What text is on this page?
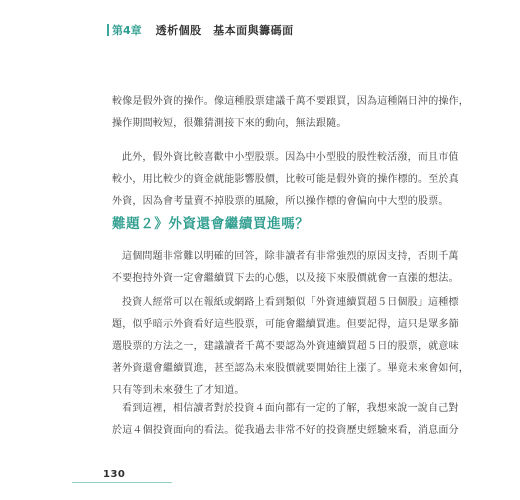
第4章 透析個股　基本面與籌碼面

較像是假外資的操作。像這種股票建議千萬不要跟買，因為這種隔日沖的操作，
操作期間較短，很難猜測接下來的動向，無法跟隨。

此外，假外資比較喜歡中小型股票。因為中小型股的股性較活潑，而且市值
較小，用比較少的資金就能影響股價，比較可能是假外資的操作標的。至於真
外資，因為會考量賣不掉股票的風險，所以操作標的會偏向中大型的股票。

難題２》外資還會繼續買進嗎？

這個問題非常難以明確的回答，除非讀者有非常強烈的原因支持，否則千萬
不要抱持外資一定會繼續買下去的心態，以及接下來股價就會一直漲的想法。

投資人經常可以在報紙或網路上看到類似「外資連續買超５日個股」這種標
題，似乎暗示外資看好這些股票，可能會繼續買進。但要記得，這只是眾多篩
選股票的方法之一，建議讀者千萬不要認為外資連續買超５日的股票，就意味
著外資還會繼續買進，甚至認為未來股價就要開始往上漲了。畢竟未來會如何，
只有等到未來發生了才知道。

看到這裡，相信讀者對於投資４面向都有一定的了解，我想來說一說自己對
於這４個投資面向的看法。從我過去非常不好的投資歷史經驗來看，消息面分

130
